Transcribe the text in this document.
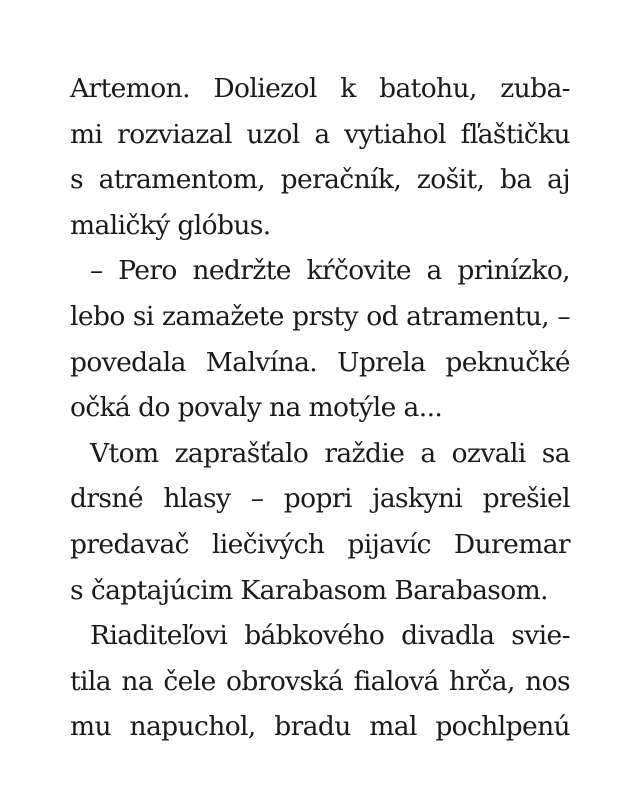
Artemon. Doliezol k batohu, zuba-
mi rozviazal uzol a vytiahol fľaštičku
s atramentom, peračník, zošit, ba aj
maličký glóbus.
– Pero nedržte kŕčovite a prinízko,
lebo si zamažete prsty od atramentu, –
povedala Malvína. Uprela peknučké
očká do povaly na motýle a...
Vtom zaprašťalo raždie a ozvali sa
drsné hlasy – popri jaskyni prešiel
predavač liečivých pijavíc Duremar
s čaptajúcim Karabasom Barabasom.
Riaditeľovi bábkového divadla svie-
tila na čele obrovská fialová hrča, nos
mu napuchol, bradu mal pochlpenú
